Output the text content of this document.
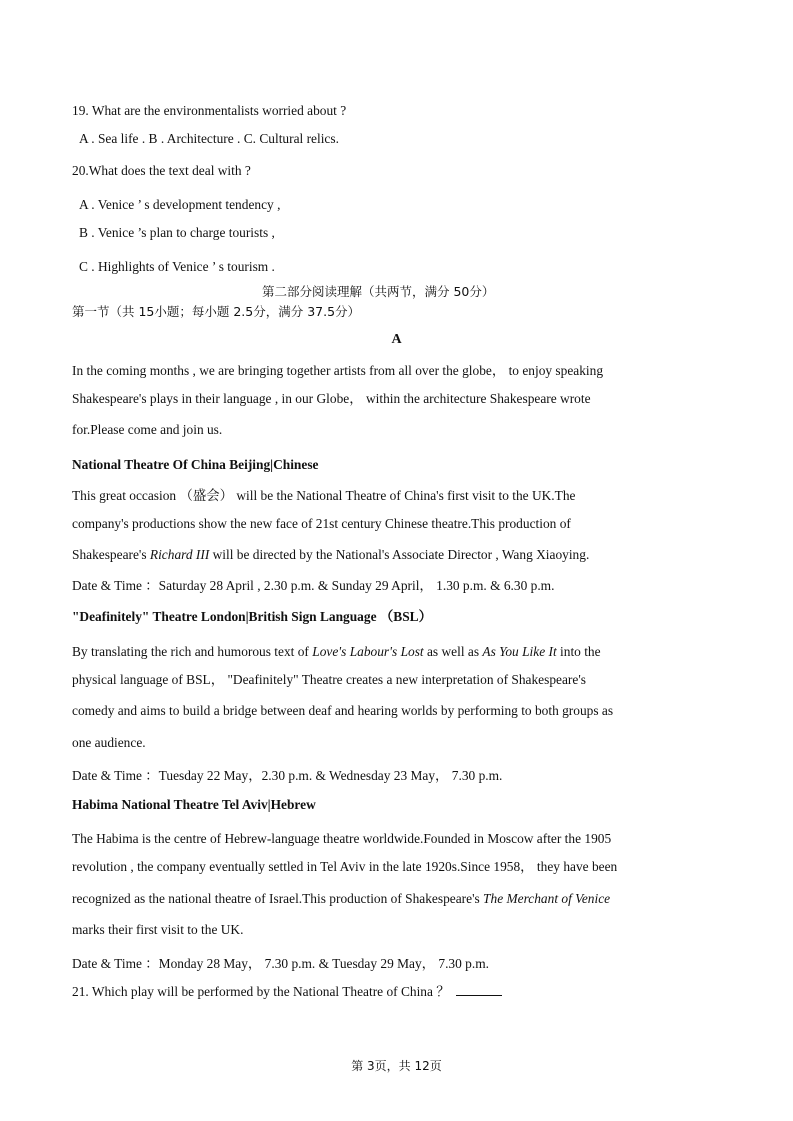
19. What are the environmentalists worried about ?
A . Sea life . B . Architecture . C. Cultural relics.
20.What does the text deal with ?
A . Venice ’ s development tendency ,
B . Venice ’s plan to charge tourists ,
C . Highlights of Venice ’ s tourism .
第二部分阅读理解（共两节，满分 50分）
第一节（共 15小题；每小题 2.5分，满分 37.5分）
A
In the coming months , we are bringing together artists from all over the globe， to enjoy speaking
Shakespeare's plays in their language , in our Globe， within the architecture Shakespeare wrote
for.Please come and join us.
National Theatre Of China Beijing|Chinese
This great occasion （盛会） will be the National Theatre of China's first visit to the UK.The
company's productions show the new face of 21st century Chinese theatre.This production of
Shakespeare's Richard III will be directed by the National's Associate Director , Wang Xiaoying.
Date & Time ：Saturday 28 April , 2.30 p.m. & Sunday 29 April， 1.30 p.m. & 6.30 p.m.
"Deafinitely" Theatre London|British Sign Language （BSL）
By translating the rich and humorous text of Love's Labour's Lost as well as As You Like It into the
physical language of BSL， "Deafinitely" Theatre creates a new interpretation of Shakespeare's
comedy and aims to build a bridge between deaf and hearing worlds by performing to both groups as
one audience.
Date & Time ：Tuesday 22 May，2.30 p.m. & Wednesday 23 May， 7.30 p.m.
Habima National Theatre Tel Aviv|Hebrew
The Habima is the centre of Hebrew-language theatre worldwide.Founded in Moscow after the 1905
revolution , the company eventually settled in Tel Aviv in the late 1920s.Since 1958， they have been
recognized as the national theatre of Israel.This production of Shakespeare's The Merchant of Venice
marks their first visit to the UK.
Date & Time ：Monday 28 May， 7.30 p.m. & Tuesday 29 May， 7.30 p.m.
21. Which play will be performed by the National Theatre of China ？
第 3页，共 12页
